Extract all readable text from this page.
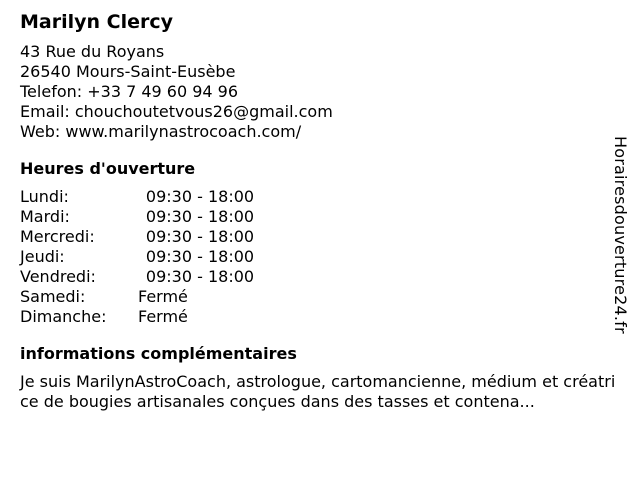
Marilyn Clercy
43 Rue du Royans
26540 Mours-Saint-Eusèbe
Telefon: +33 7 49 60 94 96
Email: chouchoutetvous26@gmail.com
Web: www.marilynastrocoach.com/
Heures d'ouverture
Lundi:	09:30 - 18:00
Mardi:	09:30 - 18:00
Mercredi:	09:30 - 18:00
Jeudi:	09:30 - 18:00
Vendredi:	09:30 - 18:00
Samedi:	Fermé
Dimanche:	Fermé
informations complémentaires
Je suis MarilynAstroCoach, astrologue, cartomancienne, médium et créatrice de bougies artisanales conçues dans des tasses et contena...
Horairesdouverture24.fr
